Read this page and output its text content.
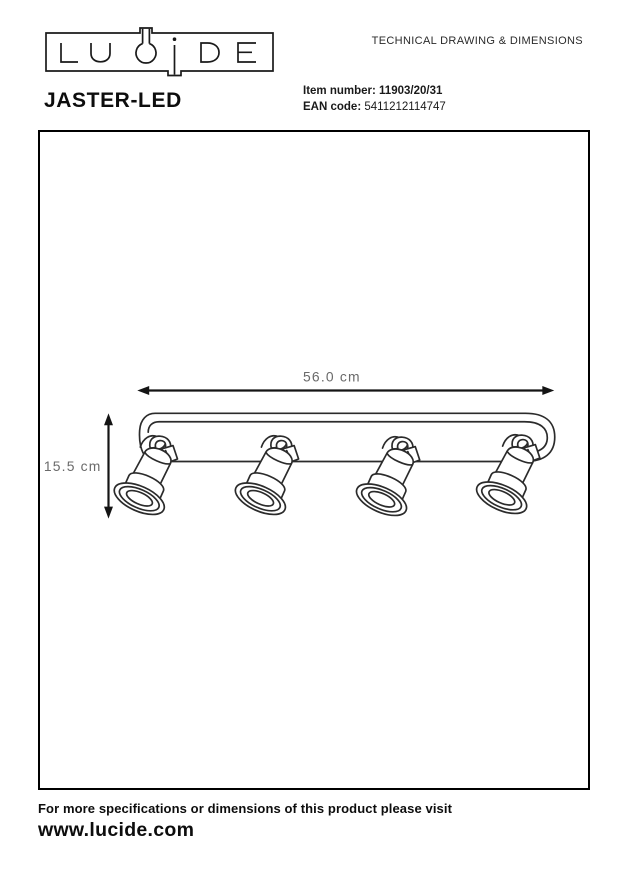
TECHNICAL DRAWING & DIMENSIONS
JASTER-LED	Item number: 11903/20/31
EAN code: 5411212114747
56.0 cm
15.5 cm
For more specifications or dimensions of this product please visit
www.lucide.com
